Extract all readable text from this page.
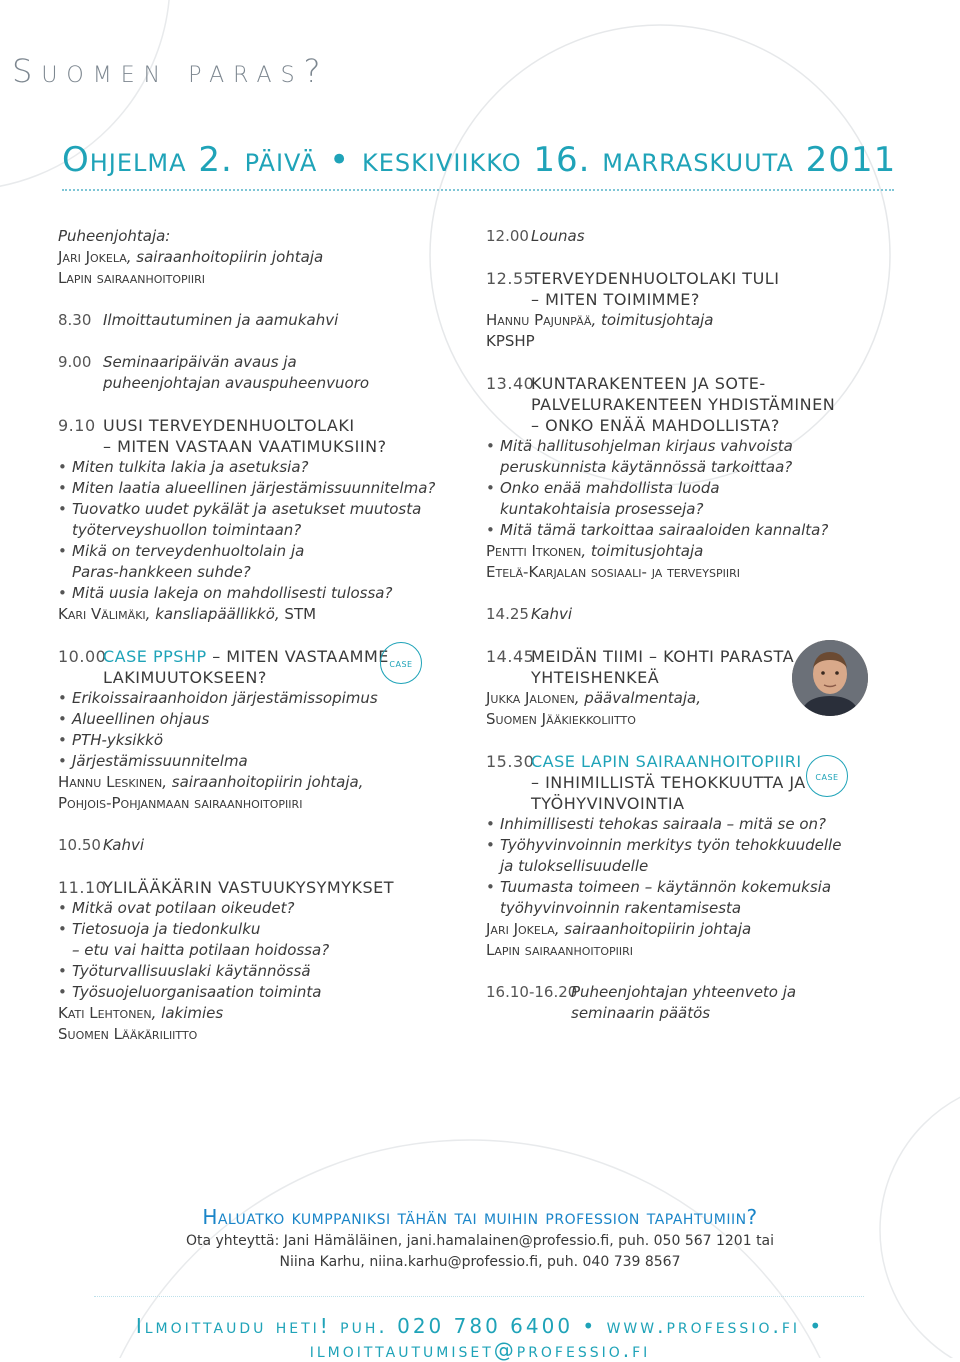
Suomen paras?
Ohjelma 2. päivä • keskiviikko 16. marraskuuta 2011
Puheenjohtaja:
Jari Jokela, sairaanhoitopiirin johtaja
Lapin sairaanhoitopiiri
8.30 Ilmoittautuminen ja aamukahvi
9.00 Seminaaripäivän avaus ja
puheenjohtajan avauspuheenvuoro
9.10 UUSI TERVEYDENHUOLTOLAKI
– MITEN VASTAAN VAATIMUKSIIN?
• Miten tulkita lakia ja asetuksia?
• Miten laatia alueellinen järjestämissuunnitelma?
• Tuovatko uudet pykälät ja asetukset muutosta
työterveyshuollon toimintaan?
• Mikä on terveydenhuoltolain ja
Paras-hankkeen suhde?
• Mitä uusia lakeja on mahdollisesti tulossa?
Kari Välimäki, kansliapäällikkö, STM
10.00CASE PPSHP – MITEN VASTAAMME case
LAKIMUUTOKSEEN?
• Erikoissairaanhoidon järjestämissopimus
• Alueellinen ohjaus
• PTH-yksikkö
• Järjestämissuunnitelma
Hannu Leskinen, sairaanhoitopiirin johtaja,
Pohjois-Pohjanmaan sairaanhoitopiiri
10.50 Kahvi
11.10YLILÄÄKÄRIN VASTUUKYSYMYKSET
• Mitkä ovat potilaan oikeudet?
• Tietosuoja ja tiedonkulku
– etu vai haitta potilaan hoidossa?
• Työturvallisuuslaki käytännössä
• Työsuojeluorganisaation toiminta
Kati Lehtonen, lakimies
Suomen Lääkäriliitto
12.00 Lounas
12.55TERVEYDENHUOLTOLAKI TULI
– MITEN TOIMIMME?
Hannu Pajunpää, toimitusjohtaja
KPSHP
13.40KUNTARAKENTEEN JA SOTE-
PALVELURAKENTEEN YHDISTÄMINEN
– ONKO ENÄÄ MAHDOLLISTA?
• Mitä hallitusohjelman kirjaus vahvoista
peruskunnista käytännössä tarkoittaa?
• Onko enää mahdollista luoda
kuntakohtaisia prosesseja?
• Mitä tämä tarkoittaa sairaaloiden kannalta?
Pentti Itkonen, toimitusjohtaja
Etelä-Karjalan sosiaali- ja terveyspiiri
14.25 Kahvi
14.45MEIDÄN TIIMI – KOHTI PARASTA
YHTEISHENKEÄ
Jukka Jalonen, päävalmentaja,
Suomen Jääkiekkoliitto
15.30CASE LAPIN SAIRAANHOITOPIIRI
case
– INHIMILLISTÄ TEHOKKUUTTA JA
TYÖHYVINVOINTIA
• Inhimillisesti tehokas sairaala – mitä se on?
• Työhyvinvoinnin merkitys työn tehokkuudelle
ja tuloksellisuudelle
• Tuumasta toimeen – käytännön kokemuksia
työhyvinvoinnin rakentamisesta
Jari Jokela, sairaanhoitopiirin johtaja
Lapin sairaanhoitopiiri
16.10-16.20Puheenjohtajan yhteenveto ja
seminaarin päätös
Haluatko kumppaniksi tähän tai muihin profession tapahtumiin?
Ota yhteyttä: Jani Hämäläinen, jani.hamalainen@professio.fi, puh. 050 567 1201 tai
Niina Karhu, niina.karhu@professio.fi, puh. 040 739 8567
Ilmoittaudu heti! puh. 020 780 6400 • www.professio.fi • ilmoittautumiset@professio.fi
